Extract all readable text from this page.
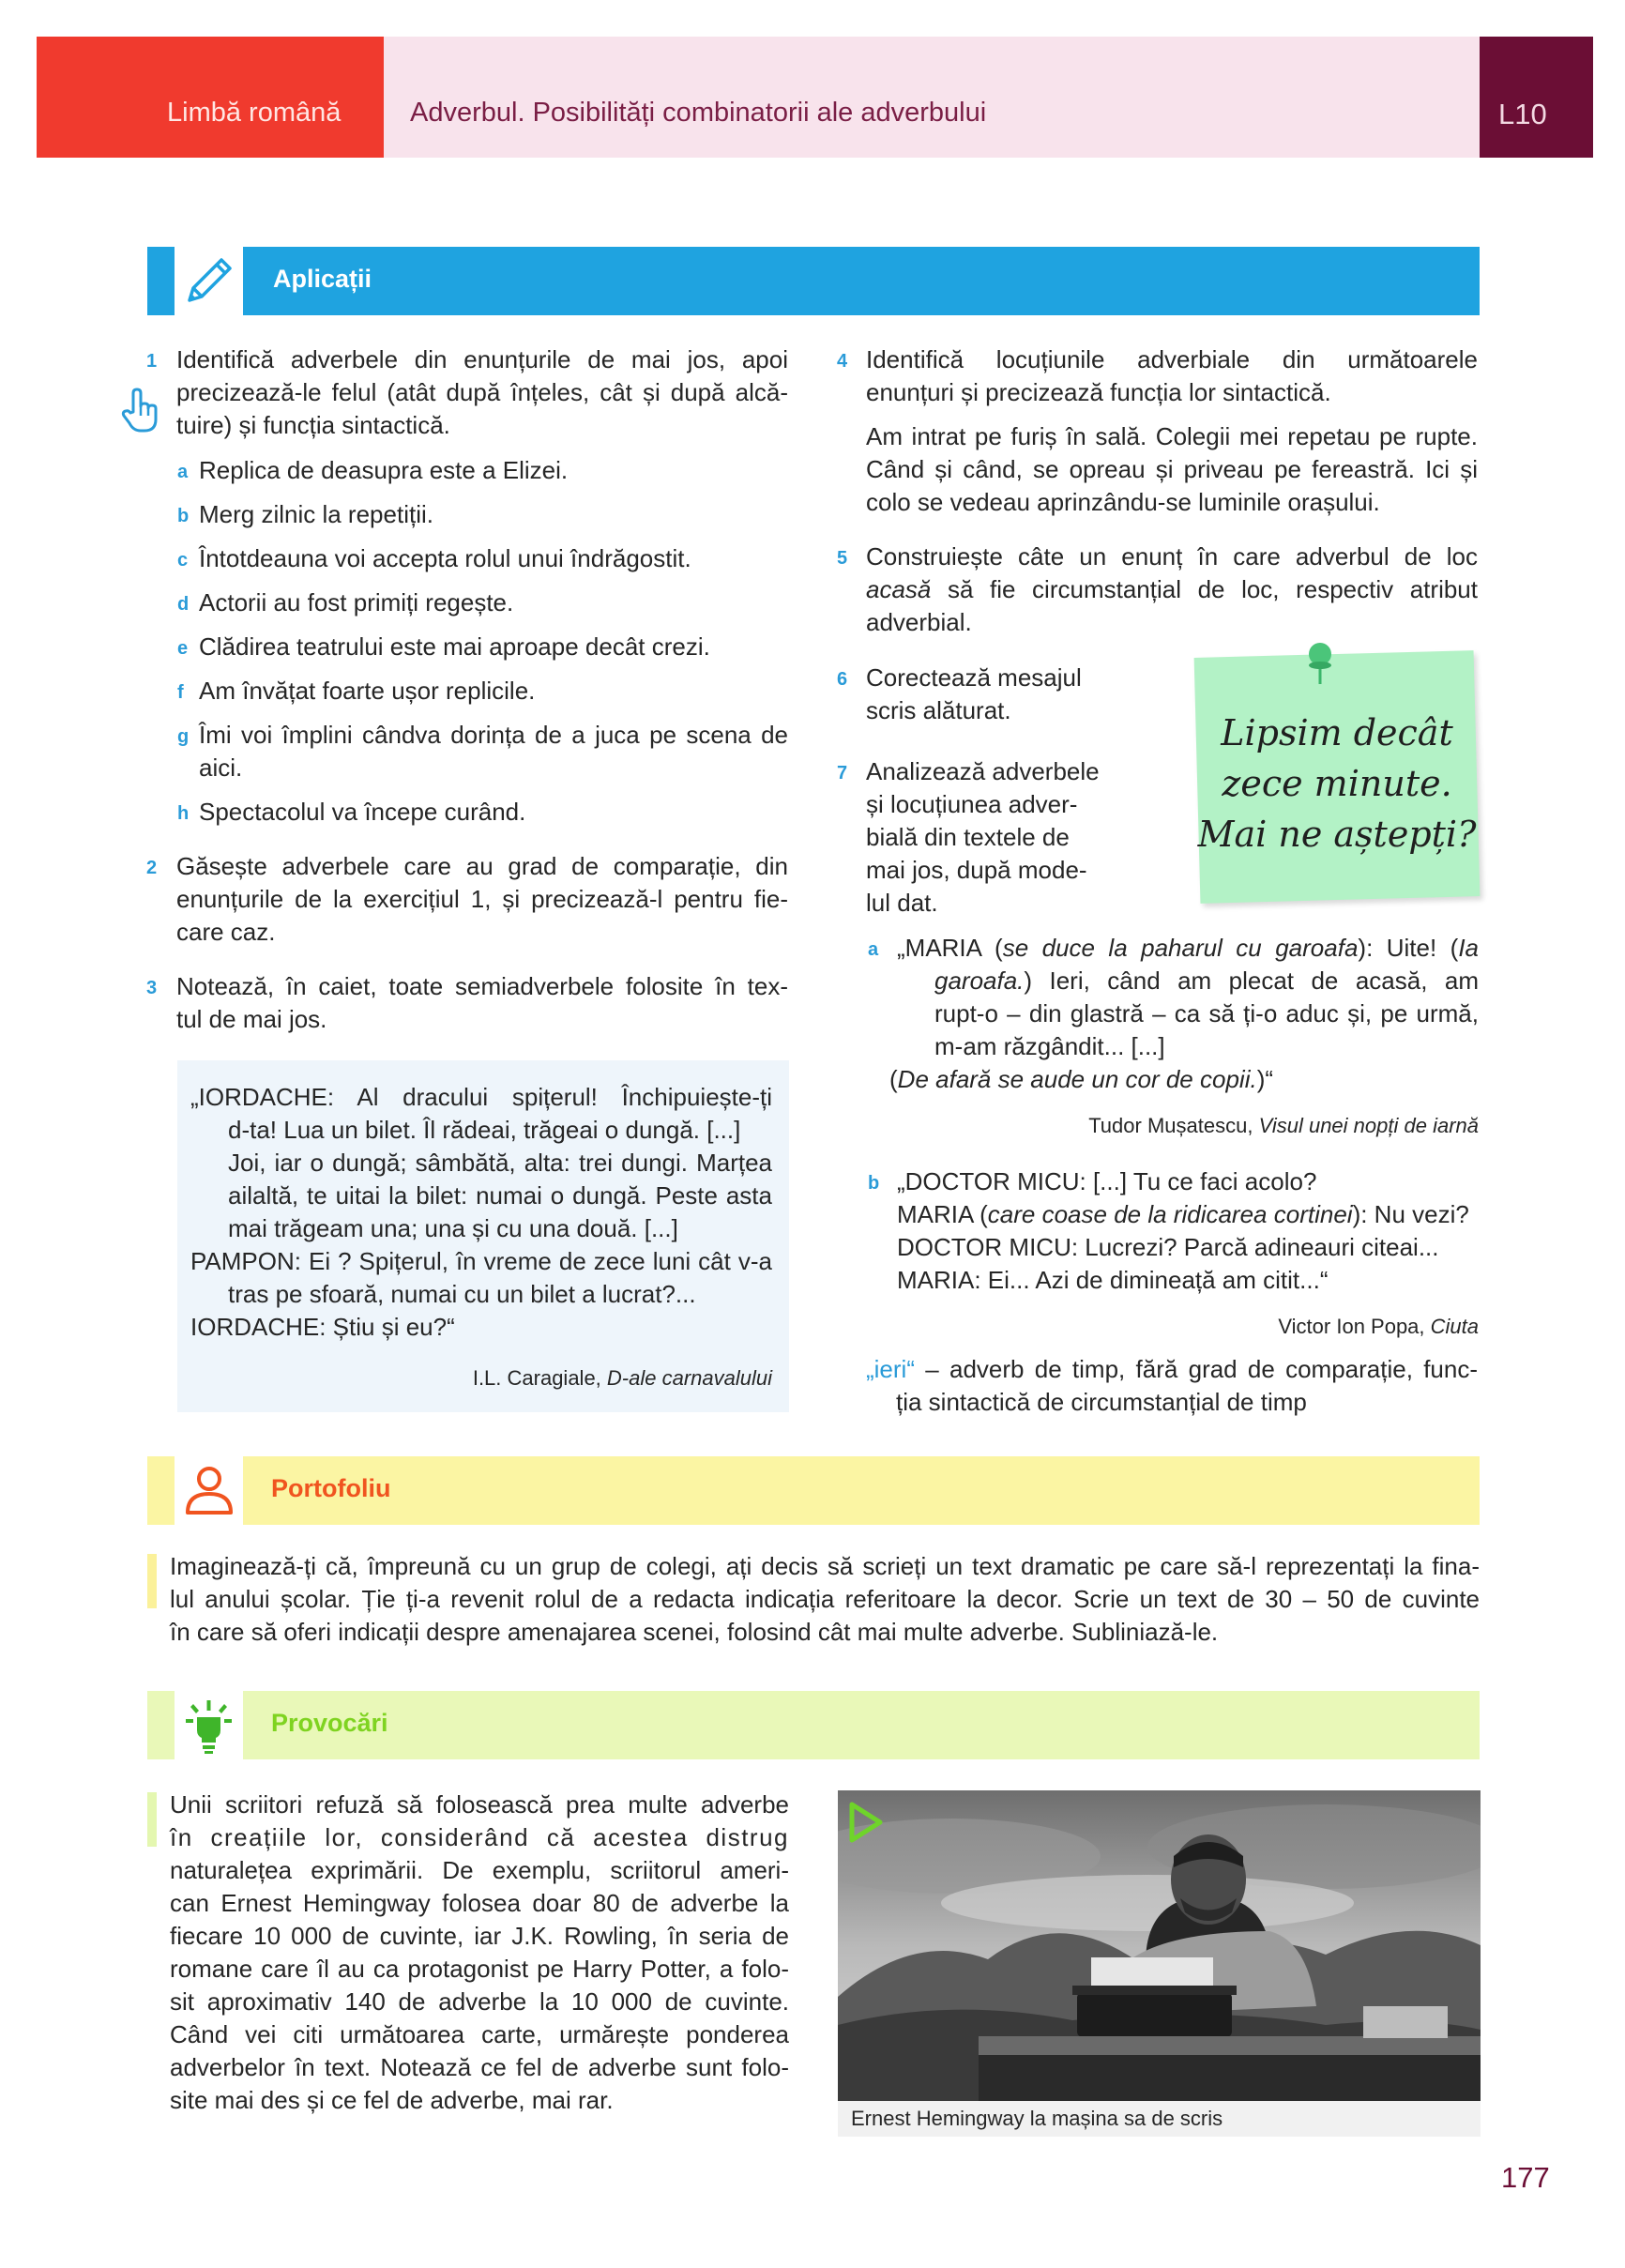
Limbă română	Adverbul. Posibilități combinatorii ale adverbului	L10
Aplicații
1 Identifică adverbele din enunțurile de mai jos, apoi
precizează-le felul (atât după înțeles, cât și după alcă-
tuire) și funcția sintactică.
a Replica de deasupra este a Elizei.
b Merg zilnic la repetiții.
c Întotdeauna voi accepta rolul unui îndrăgostit.
d Actorii au fost primiți regește.
e Clădirea teatrului este mai aproape decât crezi.
f Am învățat foarte ușor replicile.
g Îmi voi împlini cândva dorința de a juca pe scena de
aici.
h Spectacolul va începe curând.
2 Găsește adverbele care au grad de comparație, din
enunțurile de la exercițiul 1, și precizează-l pentru fie-
care caz.
3 Notează, în caiet, toate semiadverbele folosite în tex-
tul de mai jos.
„IORDACHE: Al dracului spițerul! Închipuiește-ți
d-ta! Lua un bilet. Îl rădeai, trăgeai o dungă. [...]
Joi, iar o dungă; sâmbătă, alta: trei dungi. Marțea
ailaltă, te uitai la bilet: numai o dungă. Peste asta
mai trăgeam una; una și cu una două. [...]
PAMPON: Ei ? Spițerul, în vreme de zece luni cât v-a
tras pe sfoară, numai cu un bilet a lucrat?...
IORDACHE: Știu și eu?“
I.L. Caragiale, D-ale carnavalului
4 Identifică locuțiunile adverbiale din următoarele
enunțuri și precizează funcția lor sintactică.
Am intrat pe furiș în sală. Colegii mei repetau pe rupte.
Când și când, se opreau și priveau pe fereastră. Ici și
colo se vedeau aprinzându-se luminile orașului.
5 Construiește câte un enunț în care adverbul de loc
acasă să fie circumstanțial de loc, respectiv atribut
adverbial.
6 Corectează mesajul
scris alăturat.
Lipsim decât
zece minute.
Mai ne aștepți?
7 Analizează adverbele
și locuțiunea adver-
bială din textele de
mai jos, după mode-
lul dat.
a „MARIA (se duce la paharul cu garoafa): Uite! (Ia
garoafa.) Ieri, când am plecat de acasă, am
rupt-o – din glastră – ca să ți-o aduc și, pe urmă,
m-am răzgândit... [...]
(De afară se aude un cor de copii.)“
Tudor Mușatescu, Visul unei nopți de iarnă
b „DOCTOR MICU: [...] Tu ce faci acolo?
MARIA (care coase de la ridicarea cortinei): Nu vezi?
DOCTOR MICU: Lucrezi? Parcă adineauri citeai...
MARIA: Ei... Azi de dimineață am citit...“
Victor Ion Popa, Ciuta
„ieri“ – adverb de timp, fără grad de comparație, func-
ția sintactică de circumstanțial de timp
Portofoliu
Imaginează-ți că, împreună cu un grup de colegi, ați decis să scrieți un text dramatic pe care să-l reprezentați la fina-
lul anului școlar. Ție ți-a revenit rolul de a redacta indicația referitoare la decor. Scrie un text de 30 – 50 de cuvinte
în care să oferi indicații despre amenajarea scenei, folosind cât mai multe adverbe. Subliniază-le.
Provocări
Unii scriitori refuză să folosească prea multe adverbe
în creațiile lor, considerând că acestea distrug
naturalețea exprimării. De exemplu, scriitorul ameri-
can Ernest Hemingway folosea doar 80 de adverbe la
fiecare 10 000 de cuvinte, iar J.K. Rowling, în seria de
romane care îl au ca protagonist pe Harry Potter, a folo-
sit aproximativ 140 de adverbe la 10 000 de cuvinte.
Când vei citi următoarea carte, urmărește ponderea
adverbelor în text. Notează ce fel de adverbe sunt folo-
site mai des și ce fel de adverbe, mai rar.
Ernest Hemingway la mașina sa de scris
177
